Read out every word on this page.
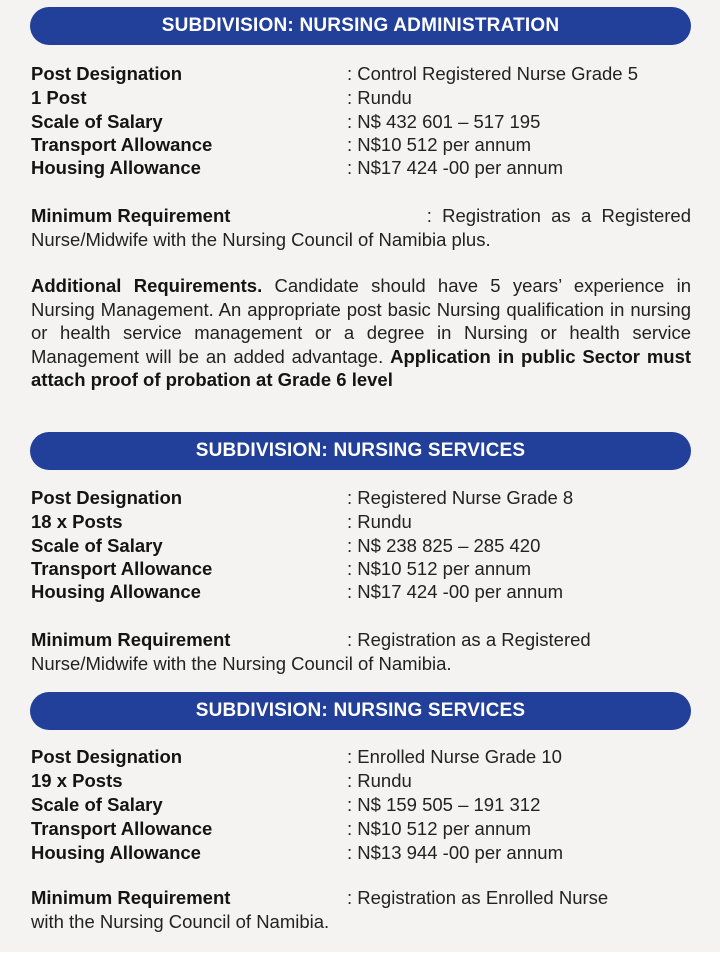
SUBDIVISION: NURSING ADMINISTRATION
Post Designation	: Control Registered Nurse Grade 5
1 Post	: Rundu
Scale of Salary	: N$ 432 601 – 517 195
Transport Allowance	: N$10 512 per annum
Housing Allowance	: N$17 424 -00 per annum
Minimum Requirement	:  Registration  as  a  Registered
Nurse/Midwife with the Nursing Council of Namibia plus.
Additional Requirements. Candidate should have 5 years’ experience in Nursing Management. An appropriate post basic Nursing qualification in nursing or health service management or a degree in Nursing or health service Management will be an added advantage. Application in public Sector must attach proof of probation at Grade 6 level
SUBDIVISION: NURSING SERVICES
Post Designation	: Registered Nurse Grade 8
18 x Posts	: Rundu
Scale of Salary	: N$ 238 825 – 285 420
Transport Allowance	: N$10 512 per annum
Housing Allowance	: N$17 424 -00 per annum
Minimum Requirement	: Registration as a Registered
Nurse/Midwife with the Nursing Council of Namibia.
SUBDIVISION: NURSING SERVICES
Post Designation	: Enrolled Nurse Grade 10
19 x Posts	: Rundu
Scale of Salary	: N$ 159 505 – 191 312
Transport Allowance	: N$10 512 per annum
Housing Allowance	: N$13 944 -00 per annum
Minimum Requirement	: Registration as Enrolled Nurse
with the Nursing Council of Namibia.
